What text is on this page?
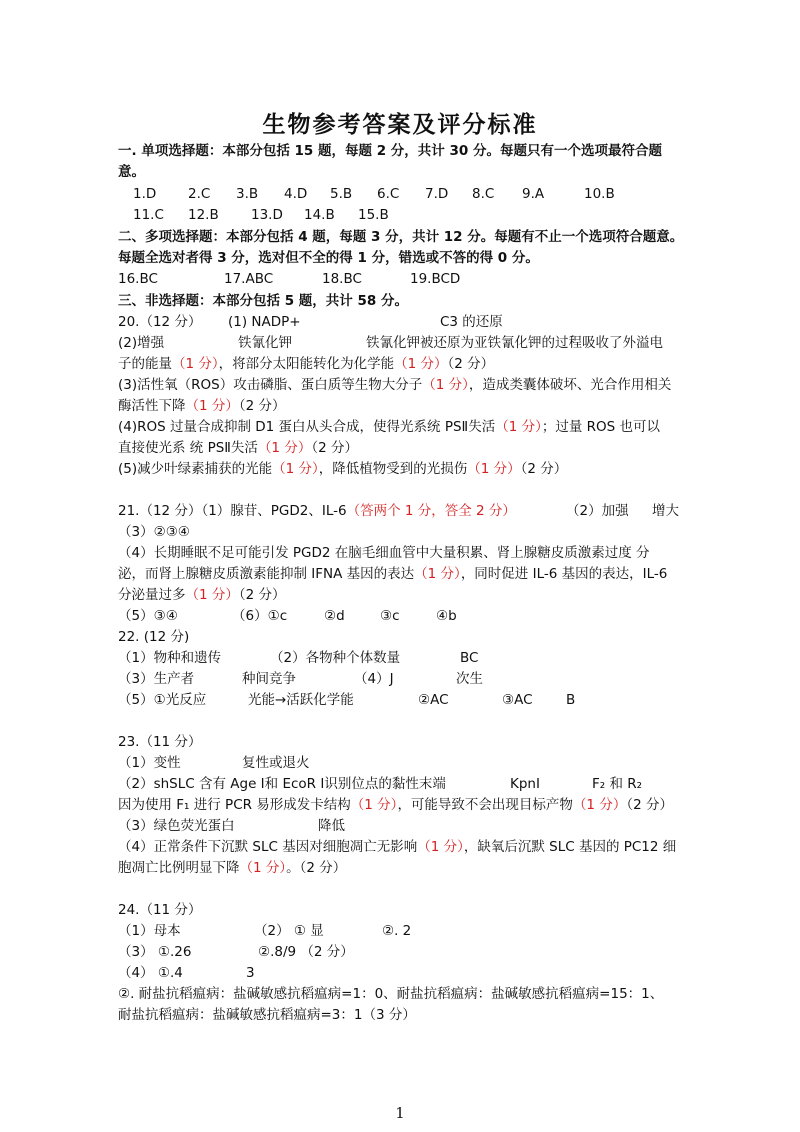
生物参考答案及评分标准
一. 单项选择题：本部分包括 15 题，每题 2 分，共计 30 分。每题只有一个选项最符合题
意。
1.D 2.C 3.B 4.D 5.B 6.C 7.D 8.C 9.A	10.B
11.C 12.B 13.D 14.B 15.B
二、多项选择题：本部分包括 4 题，每题 3 分，共计 12 分。每题有不止一个选项符合题意。
每题全选对者得 3 分，选对但不全的得 1 分，错选或不答的得 0 分。
16.BC	17.ABC	18.BC	19.BCD
三、非选择题：本部分包括 5 题，共计 58 分。
20.（12 分） (1) NADP+	C3 的还原
(2)增强	铁氰化钾	铁氰化钾被还原为亚铁氰化钾的过程吸收了外溢电
子的能量（1 分），将部分太阳能转化为化学能（1 分）（2 分）
(3)活性氧（ROS）攻击磷脂、蛋白质等生物大分子（1 分），造成类囊体破坏、光合作用相关
酶活性下降（1 分）（2 分）
(4)ROS 过量合成抑制 D1 蛋白从头合成，使得光系统 PSⅡ失活（1 分）；过量 ROS 也可以
直接使光系 统 PSⅡ失活（1 分）（2 分）
(5)减少叶绿素捕获的光能（1 分），降低植物受到的光损伤（1 分）（2 分）
21.（12 分）（1）腺苷、PGD2、IL-6（答两个 1 分，答全 2 分）	（2）加强 增大
（3）②③④
（4）长期睡眠不足可能引发 PGD2 在脑毛细血管中大量积累、肾上腺糖皮质激素过度 分
泌，而肾上腺糖皮质激素能抑制 IFNA 基因的表达（1 分），同时促进 IL-6 基因的表达，IL-6
分泌量过多（1 分）（2 分）
（5）③④	（6）①c	②d	③c	④b
22. (12 分)
（1）物种和遗传	（2）各物种个体数量	BC
（3）生产者	种间竞争	（4）J	次生
（5）①光反应	光能→活跃化学能	②AC	③AC B
23.（11 分）
（1）变性	复性或退火
（2）shSLC 含有 Age Ⅰ和 EcoR Ⅰ识别位点的黏性末端	KpnI	F₂ 和 R₂
因为使用 F₁ 进行 PCR 易形成发卡结构（1 分），可能导致不会出现目标产物（1 分）（2 分）
（3）绿色荧光蛋白	降低
（4）正常条件下沉默 SLC 基因对细胞凋亡无影响（1 分），缺氧后沉默 SLC 基因的 PC12 细
胞凋亡比例明显下降（1 分）。（2 分）
24.（11 分）
（1）母本	（2） ① 显	②. 2
（3） ①.26	②.8/9 （2 分）
（4） ①.4	3
②. 耐盐抗稻瘟病：盐碱敏感抗稻瘟病=1：0、耐盐抗稻瘟病：盐碱敏感抗稻瘟病=15：1、
耐盐抗稻瘟病：盐碱敏感抗稻瘟病=3：1（3 分）
1
